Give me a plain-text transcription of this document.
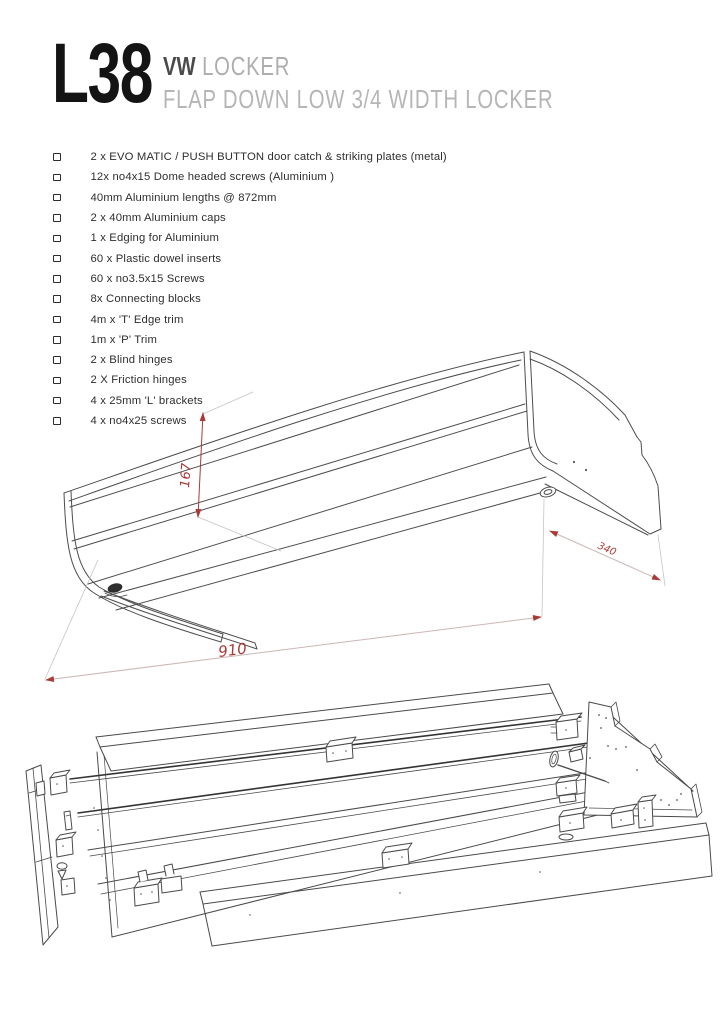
L38 VW LOCKER
FLAP DOWN LOW 3/4 WIDTH LOCKER
2 x EVO MATIC / PUSH BUTTON door catch & striking plates (metal)
12x no4x15 Dome headed screws (Aluminium )
40mm Aluminium lengths @ 872mm
2 x 40mm Aluminium caps
1 x Edging for Aluminium
60 x Plastic dowel inserts
60 x no3.5x15 Screws
8x Connecting blocks
4m x 'T' Edge trim
1m x 'P' Trim
2 x Blind hinges
2 X Friction hinges
4 x 25mm 'L' brackets
4 x no4x25 screws
167
910
340
